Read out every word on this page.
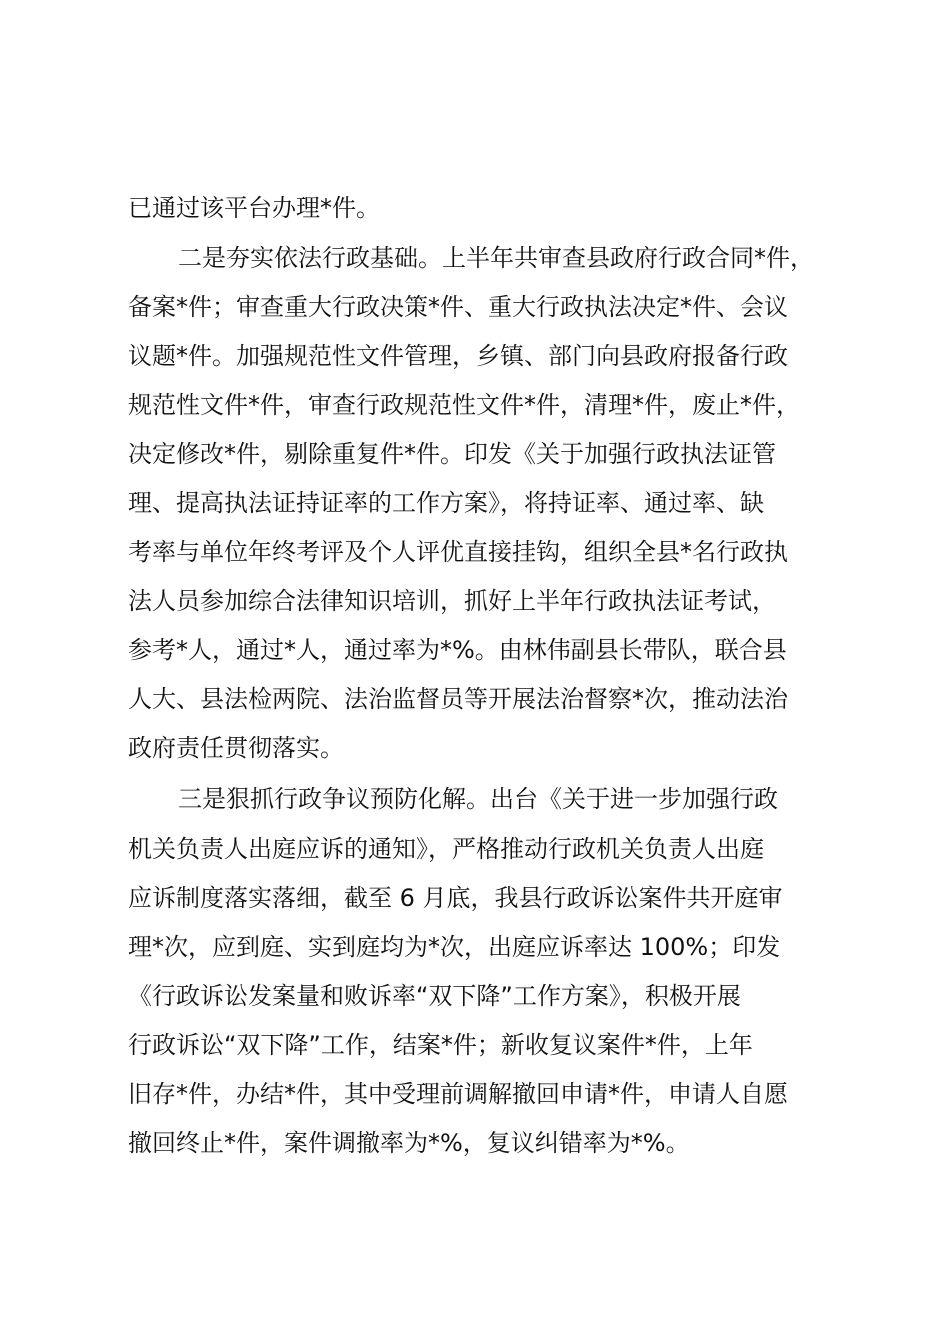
已通过该平台办理*件。
二是夯实依法行政基础。上半年共审查县政府行政合同*件，
备案*件；审查重大行政决策*件、重大行政执法决定*件、会议
议题*件。加强规范性文件管理，乡镇、部门向县政府报备行政
规范性文件*件，审查行政规范性文件*件，清理*件，废止*件，
决定修改*件，剔除重复件*件。印发《关于加强行政执法证管
理、提高执法证持证率的工作方案》，将持证率、通过率、缺
考率与单位年终考评及个人评优直接挂钩，组织全县*名行政执
法人员参加综合法律知识培训，抓好上半年行政执法证考试，
参考*人，通过*人，通过率为*%。由林伟副县长带队，联合县
人大、县法检两院、法治监督员等开展法治督察*次，推动法治
政府责任贯彻落实。
三是狠抓行政争议预防化解。出台《关于进一步加强行政
机关负责人出庭应诉的通知》，严格推动行政机关负责人出庭
应诉制度落实落细，截至 6 月底，我县行政诉讼案件共开庭审
理*次，应到庭、实到庭均为*次，出庭应诉率达 100%；印发
《行政诉讼发案量和败诉率“双下降”工作方案》，积极开展
行政诉讼“双下降”工作，结案*件；新收复议案件*件，上年
旧存*件，办结*件，其中受理前调解撤回申请*件，申请人自愿
撤回终止*件，案件调撤率为*%，复议纠错率为*%。
